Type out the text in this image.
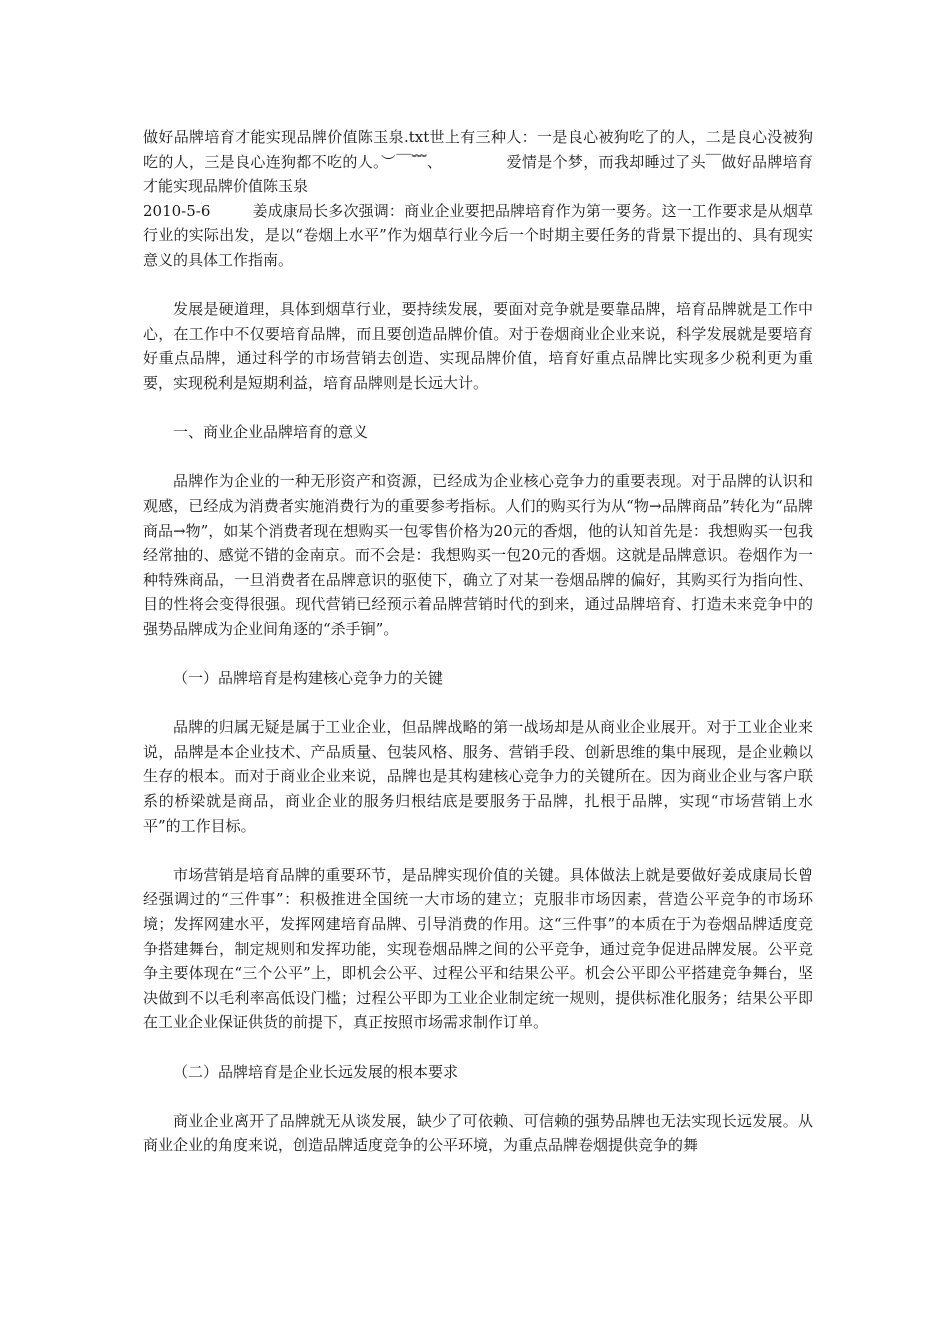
做好品牌培育才能实现品牌价值陈玉泉.txt世上有三种人：一是良心被狗吃了的人，二是良心没被狗吃的人，三是良心连狗都不吃的人。︶￣﹌、	爱情是个梦，而我却睡过了头￣做好品牌培育才能实现品牌价值陈玉泉
2010-5-6	姜成康局长多次强调：商业企业要把品牌培育作为第一要务。这一工作要求是从烟草行业的实际出发，是以“卷烟上水平”作为烟草行业今后一个时期主要任务的背景下提出的、具有现实意义的具体工作指南。

发展是硬道理，具体到烟草行业，要持续发展，要面对竞争就是要靠品牌，培育品牌就是工作中心，在工作中不仅要培育品牌，而且要创造品牌价值。对于卷烟商业企业来说，科学发展就是要培育好重点品牌，通过科学的市场营销去创造、实现品牌价值，培育好重点品牌比实现多少税利更为重要，实现税利是短期利益，培育品牌则是长远大计。

一、商业企业品牌培育的意义

品牌作为企业的一种无形资产和资源，已经成为企业核心竞争力的重要表现。对于品牌的认识和观感，已经成为消费者实施消费行为的重要参考指标。人们的购买行为从“物→品牌商品”转化为“品牌商品→物”，如某个消费者现在想购买一包零售价格为20元的香烟，他的认知首先是：我想购买一包我经常抽的、感觉不错的金南京。而不会是：我想购买一包20元的香烟。这就是品牌意识。卷烟作为一种特殊商品，一旦消费者在品牌意识的驱使下，确立了对某一卷烟品牌的偏好，其购买行为指向性、目的性将会变得很强。现代营销已经预示着品牌营销时代的到来，通过品牌培育、打造未来竞争中的强势品牌成为企业间角逐的“杀手锏”。

（一）品牌培育是构建核心竞争力的关键

品牌的归属无疑是属于工业企业，但品牌战略的第一战场却是从商业企业展开。对于工业企业来说，品牌是本企业技术、产品质量、包装风格、服务、营销手段、创新思维的集中展现，是企业赖以生存的根本。而对于商业企业来说，品牌也是其构建核心竞争力的关键所在。因为商业企业与客户联系的桥梁就是商品，商业企业的服务归根结底是要服务于品牌，扎根于品牌，实现“市场营销上水平”的工作目标。

市场营销是培育品牌的重要环节，是品牌实现价值的关键。具体做法上就是要做好姜成康局长曾经强调过的“三件事”：积极推进全国统一大市场的建立；克服非市场因素，营造公平竞争的市场环境；发挥网建水平，发挥网建培育品牌、引导消费的作用。这“三件事”的本质在于为卷烟品牌适度竞争搭建舞台，制定规则和发挥功能，实现卷烟品牌之间的公平竞争，通过竞争促进品牌发展。公平竞争主要体现在“三个公平”上，即机会公平、过程公平和结果公平。机会公平即公平搭建竞争舞台，坚决做到不以毛利率高低设门槛；过程公平即为工业企业制定统一规则，提供标准化服务；结果公平即在工业企业保证供货的前提下，真正按照市场需求制作订单。

（二）品牌培育是企业长远发展的根本要求

商业企业离开了品牌就无从谈发展，缺少了可依赖、可信赖的强势品牌也无法实现长远发展。从商业企业的角度来说，创造品牌适度竞争的公平环境，为重点品牌卷烟提供竞争的舞
